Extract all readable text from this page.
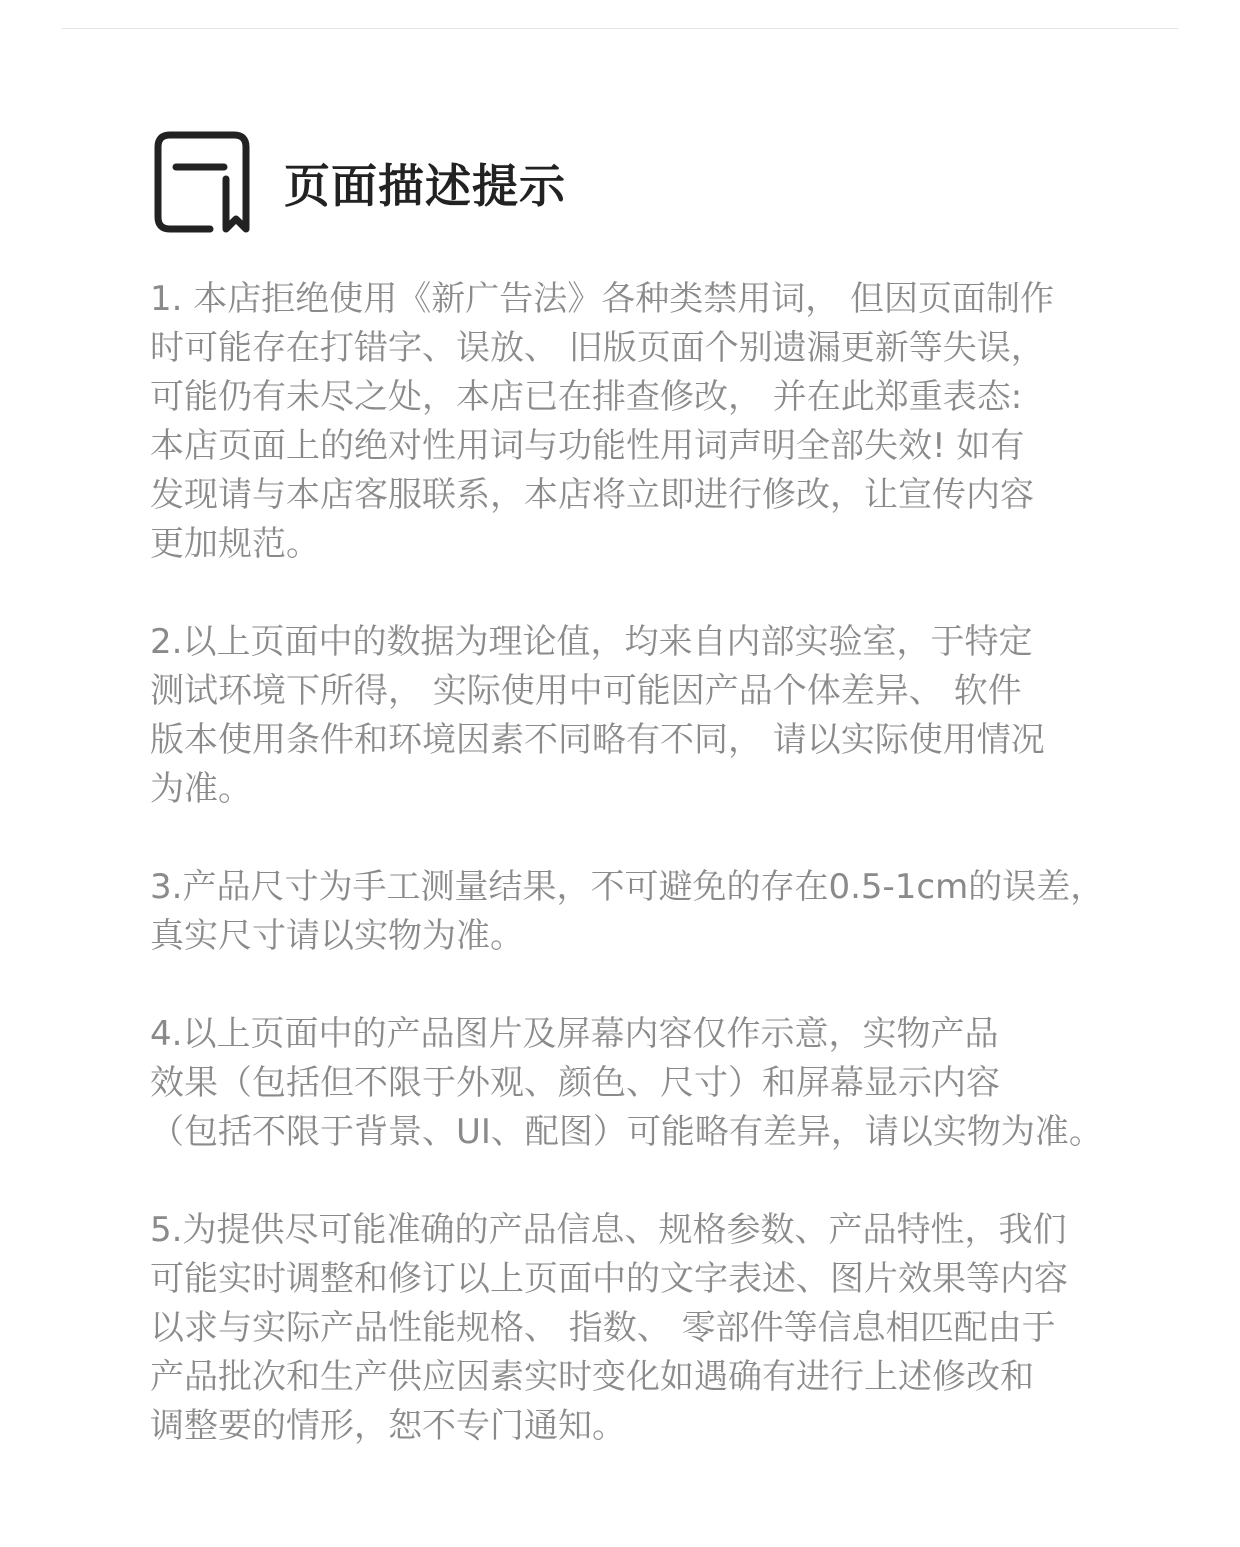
页面描述提示
1. 本店拒绝使用《新广告法》各种类禁用词， 但因页面制作
时可能存在打错字、误放、 旧版页面个别遗漏更新等失误，
可能仍有未尽之处，本店已在排查修改， 并在此郑重表态:
本店页面上的绝对性用词与功能性用词声明全部失效! 如有
发现请与本店客服联系，本店将立即进行修改，让宣传内容
更加规范。
2.以上页面中的数据为理论值，均来自内部实验室，于特定
测试环境下所得， 实际使用中可能因产品个体差异、 软件
版本使用条件和环境因素不同略有不同， 请以实际使用情况
为准。
3.产品尺寸为手工测量结果，不可避免的存在0.5-1cm的误差，
真实尺寸请以实物为准。
4.以上页面中的产品图片及屏幕内容仅作示意，实物产品
效果（包括但不限于外观、颜色、尺寸）和屏幕显示内容
（包括不限于背景、UI、配图）可能略有差异，请以实物为准。
5.为提供尽可能准确的产品信息、规格参数、产品特性，我们
可能实时调整和修订以上页面中的文字表述、图片效果等内容
以求与实际产品性能规格、 指数、 零部件等信息相匹配由于
产品批次和生产供应因素实时变化如遇确有进行上述修改和
调整要的情形，恕不专门通知。
